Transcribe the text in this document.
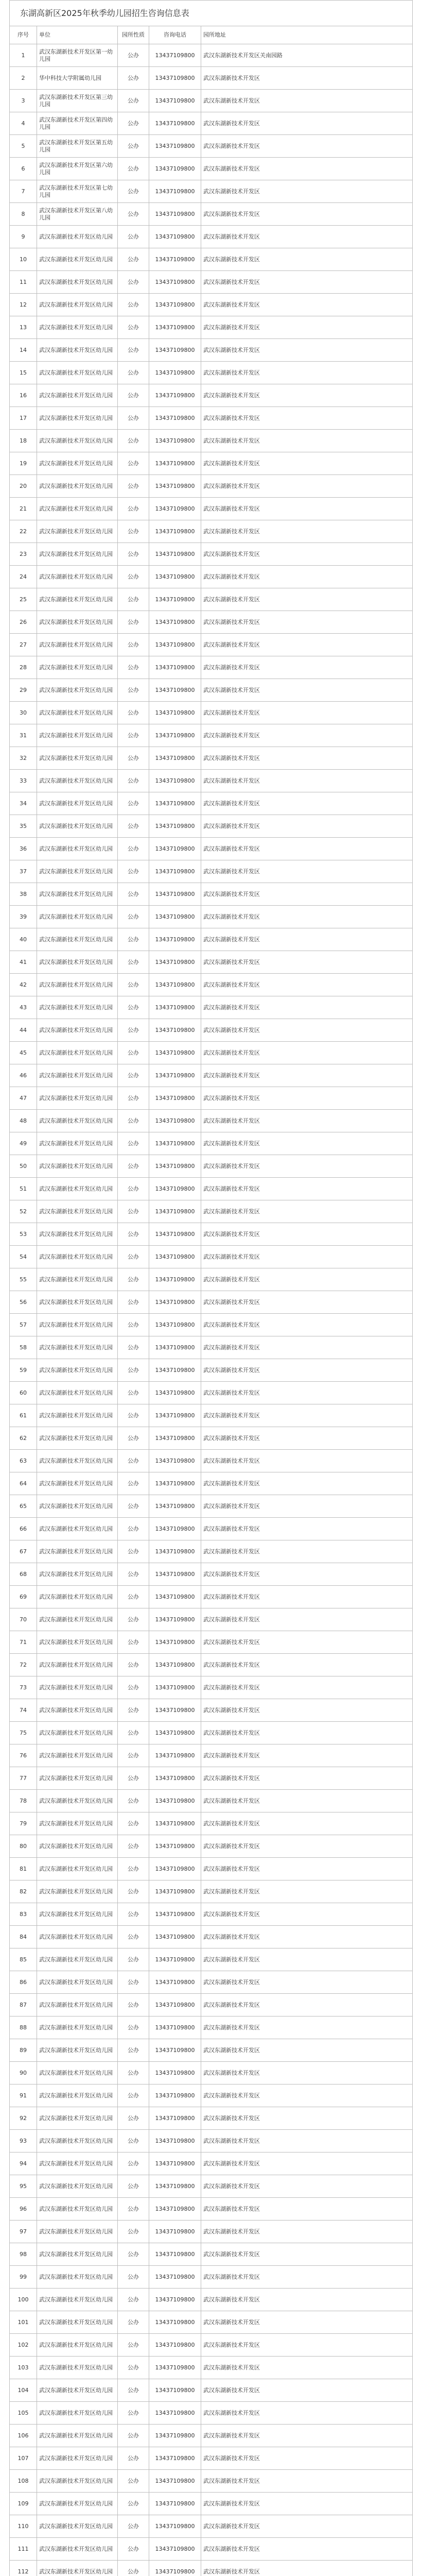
东湖高新区2025年秋季幼儿园招生咨询信息表
序号	单位	园所性质	咨询电话	园所地址
1	武汉东湖新技术开发区第一幼儿园	公办	13437109800	武汉东湖新技术开发区关南园路
2	华中科技大学附属幼儿园	公办	13437109800	武汉东湖新技术开发区
3	武汉东湖新技术开发区第三幼儿园	公办	13437109800	武汉东湖新技术开发区
4	武汉东湖新技术开发区第四幼儿园	公办	13437109800	武汉东湖新技术开发区
5	武汉东湖新技术开发区第五幼儿园	公办	13437109800	武汉东湖新技术开发区
6	武汉东湖新技术开发区第六幼儿园	公办	13437109800	武汉东湖新技术开发区
7	武汉东湖新技术开发区第七幼儿园	公办	13437109800	武汉东湖新技术开发区
8	武汉东湖新技术开发区第八幼儿园	公办	13437109800	武汉东湖新技术开发区
9	武汉东湖新技术开发区幼儿园	公办	13437109800	武汉东湖新技术开发区
10	武汉东湖新技术开发区幼儿园	公办	13437109800	武汉东湖新技术开发区
11	武汉东湖新技术开发区幼儿园	公办	13437109800	武汉东湖新技术开发区
12	武汉东湖新技术开发区幼儿园	公办	13437109800	武汉东湖新技术开发区
13	武汉东湖新技术开发区幼儿园	公办	13437109800	武汉东湖新技术开发区
14	武汉东湖新技术开发区幼儿园	公办	13437109800	武汉东湖新技术开发区
15	武汉东湖新技术开发区幼儿园	公办	13437109800	武汉东湖新技术开发区
16	武汉东湖新技术开发区幼儿园	公办	13437109800	武汉东湖新技术开发区
17	武汉东湖新技术开发区幼儿园	公办	13437109800	武汉东湖新技术开发区
18	武汉东湖新技术开发区幼儿园	公办	13437109800	武汉东湖新技术开发区
19	武汉东湖新技术开发区幼儿园	公办	13437109800	武汉东湖新技术开发区
20	武汉东湖新技术开发区幼儿园	公办	13437109800	武汉东湖新技术开发区
21	武汉东湖新技术开发区幼儿园	公办	13437109800	武汉东湖新技术开发区
22	武汉东湖新技术开发区幼儿园	公办	13437109800	武汉东湖新技术开发区
23	武汉东湖新技术开发区幼儿园	公办	13437109800	武汉东湖新技术开发区
24	武汉东湖新技术开发区幼儿园	公办	13437109800	武汉东湖新技术开发区
25	武汉东湖新技术开发区幼儿园	公办	13437109800	武汉东湖新技术开发区
26	武汉东湖新技术开发区幼儿园	公办	13437109800	武汉东湖新技术开发区
27	武汉东湖新技术开发区幼儿园	公办	13437109800	武汉东湖新技术开发区
28	武汉东湖新技术开发区幼儿园	公办	13437109800	武汉东湖新技术开发区
29	武汉东湖新技术开发区幼儿园	公办	13437109800	武汉东湖新技术开发区
30	武汉东湖新技术开发区幼儿园	公办	13437109800	武汉东湖新技术开发区
31	武汉东湖新技术开发区幼儿园	公办	13437109800	武汉东湖新技术开发区
32	武汉东湖新技术开发区幼儿园	公办	13437109800	武汉东湖新技术开发区
33	武汉东湖新技术开发区幼儿园	公办	13437109800	武汉东湖新技术开发区
34	武汉东湖新技术开发区幼儿园	公办	13437109800	武汉东湖新技术开发区
35	武汉东湖新技术开发区幼儿园	公办	13437109800	武汉东湖新技术开发区
36	武汉东湖新技术开发区幼儿园	公办	13437109800	武汉东湖新技术开发区
37	武汉东湖新技术开发区幼儿园	公办	13437109800	武汉东湖新技术开发区
38	武汉东湖新技术开发区幼儿园	公办	13437109800	武汉东湖新技术开发区
39	武汉东湖新技术开发区幼儿园	公办	13437109800	武汉东湖新技术开发区
40	武汉东湖新技术开发区幼儿园	公办	13437109800	武汉东湖新技术开发区
41	武汉东湖新技术开发区幼儿园	公办	13437109800	武汉东湖新技术开发区
42	武汉东湖新技术开发区幼儿园	公办	13437109800	武汉东湖新技术开发区
43	武汉东湖新技术开发区幼儿园	公办	13437109800	武汉东湖新技术开发区
44	武汉东湖新技术开发区幼儿园	公办	13437109800	武汉东湖新技术开发区
45	武汉东湖新技术开发区幼儿园	公办	13437109800	武汉东湖新技术开发区
46	武汉东湖新技术开发区幼儿园	公办	13437109800	武汉东湖新技术开发区
47	武汉东湖新技术开发区幼儿园	公办	13437109800	武汉东湖新技术开发区
48	武汉东湖新技术开发区幼儿园	公办	13437109800	武汉东湖新技术开发区
49	武汉东湖新技术开发区幼儿园	公办	13437109800	武汉东湖新技术开发区
50	武汉东湖新技术开发区幼儿园	公办	13437109800	武汉东湖新技术开发区
51	武汉东湖新技术开发区幼儿园	公办	13437109800	武汉东湖新技术开发区
52	武汉东湖新技术开发区幼儿园	公办	13437109800	武汉东湖新技术开发区
53	武汉东湖新技术开发区幼儿园	公办	13437109800	武汉东湖新技术开发区
54	武汉东湖新技术开发区幼儿园	公办	13437109800	武汉东湖新技术开发区
55	武汉东湖新技术开发区幼儿园	公办	13437109800	武汉东湖新技术开发区
56	武汉东湖新技术开发区幼儿园	公办	13437109800	武汉东湖新技术开发区
57	武汉东湖新技术开发区幼儿园	公办	13437109800	武汉东湖新技术开发区
58	武汉东湖新技术开发区幼儿园	公办	13437109800	武汉东湖新技术开发区
59	武汉东湖新技术开发区幼儿园	公办	13437109800	武汉东湖新技术开发区
60	武汉东湖新技术开发区幼儿园	公办	13437109800	武汉东湖新技术开发区
61	武汉东湖新技术开发区幼儿园	公办	13437109800	武汉东湖新技术开发区
62	武汉东湖新技术开发区幼儿园	公办	13437109800	武汉东湖新技术开发区
63	武汉东湖新技术开发区幼儿园	公办	13437109800	武汉东湖新技术开发区
64	武汉东湖新技术开发区幼儿园	公办	13437109800	武汉东湖新技术开发区
65	武汉东湖新技术开发区幼儿园	公办	13437109800	武汉东湖新技术开发区
66	武汉东湖新技术开发区幼儿园	公办	13437109800	武汉东湖新技术开发区
67	武汉东湖新技术开发区幼儿园	公办	13437109800	武汉东湖新技术开发区
68	武汉东湖新技术开发区幼儿园	公办	13437109800	武汉东湖新技术开发区
69	武汉东湖新技术开发区幼儿园	公办	13437109800	武汉东湖新技术开发区
70	武汉东湖新技术开发区幼儿园	公办	13437109800	武汉东湖新技术开发区
71	武汉东湖新技术开发区幼儿园	公办	13437109800	武汉东湖新技术开发区
72	武汉东湖新技术开发区幼儿园	公办	13437109800	武汉东湖新技术开发区
73	武汉东湖新技术开发区幼儿园	公办	13437109800	武汉东湖新技术开发区
74	武汉东湖新技术开发区幼儿园	公办	13437109800	武汉东湖新技术开发区
75	武汉东湖新技术开发区幼儿园	公办	13437109800	武汉东湖新技术开发区
76	武汉东湖新技术开发区幼儿园	公办	13437109800	武汉东湖新技术开发区
77	武汉东湖新技术开发区幼儿园	公办	13437109800	武汉东湖新技术开发区
78	武汉东湖新技术开发区幼儿园	公办	13437109800	武汉东湖新技术开发区
79	武汉东湖新技术开发区幼儿园	公办	13437109800	武汉东湖新技术开发区
80	武汉东湖新技术开发区幼儿园	公办	13437109800	武汉东湖新技术开发区
81	武汉东湖新技术开发区幼儿园	公办	13437109800	武汉东湖新技术开发区
82	武汉东湖新技术开发区幼儿园	公办	13437109800	武汉东湖新技术开发区
83	武汉东湖新技术开发区幼儿园	公办	13437109800	武汉东湖新技术开发区
84	武汉东湖新技术开发区幼儿园	公办	13437109800	武汉东湖新技术开发区
85	武汉东湖新技术开发区幼儿园	公办	13437109800	武汉东湖新技术开发区
86	武汉东湖新技术开发区幼儿园	公办	13437109800	武汉东湖新技术开发区
87	武汉东湖新技术开发区幼儿园	公办	13437109800	武汉东湖新技术开发区
88	武汉东湖新技术开发区幼儿园	公办	13437109800	武汉东湖新技术开发区
89	武汉东湖新技术开发区幼儿园	公办	13437109800	武汉东湖新技术开发区
90	武汉东湖新技术开发区幼儿园	公办	13437109800	武汉东湖新技术开发区
91	武汉东湖新技术开发区幼儿园	公办	13437109800	武汉东湖新技术开发区
92	武汉东湖新技术开发区幼儿园	公办	13437109800	武汉东湖新技术开发区
93	武汉东湖新技术开发区幼儿园	公办	13437109800	武汉东湖新技术开发区
94	武汉东湖新技术开发区幼儿园	公办	13437109800	武汉东湖新技术开发区
95	武汉东湖新技术开发区幼儿园	公办	13437109800	武汉东湖新技术开发区
96	武汉东湖新技术开发区幼儿园	公办	13437109800	武汉东湖新技术开发区
97	武汉东湖新技术开发区幼儿园	公办	13437109800	武汉东湖新技术开发区
98	武汉东湖新技术开发区幼儿园	公办	13437109800	武汉东湖新技术开发区
99	武汉东湖新技术开发区幼儿园	公办	13437109800	武汉东湖新技术开发区
100	武汉东湖新技术开发区幼儿园	公办	13437109800	武汉东湖新技术开发区
101	武汉东湖新技术开发区幼儿园	公办	13437109800	武汉东湖新技术开发区
102	武汉东湖新技术开发区幼儿园	公办	13437109800	武汉东湖新技术开发区
103	武汉东湖新技术开发区幼儿园	公办	13437109800	武汉东湖新技术开发区
104	武汉东湖新技术开发区幼儿园	公办	13437109800	武汉东湖新技术开发区
105	武汉东湖新技术开发区幼儿园	公办	13437109800	武汉东湖新技术开发区
106	武汉东湖新技术开发区幼儿园	公办	13437109800	武汉东湖新技术开发区
107	武汉东湖新技术开发区幼儿园	公办	13437109800	武汉东湖新技术开发区
108	武汉东湖新技术开发区幼儿园	公办	13437109800	武汉东湖新技术开发区
109	武汉东湖新技术开发区幼儿园	公办	13437109800	武汉东湖新技术开发区
110	武汉东湖新技术开发区幼儿园	公办	13437109800	武汉东湖新技术开发区
111	武汉东湖新技术开发区幼儿园	公办	13437109800	武汉东湖新技术开发区
112	武汉东湖新技术开发区幼儿园	公办	13437109800	武汉东湖新技术开发区
